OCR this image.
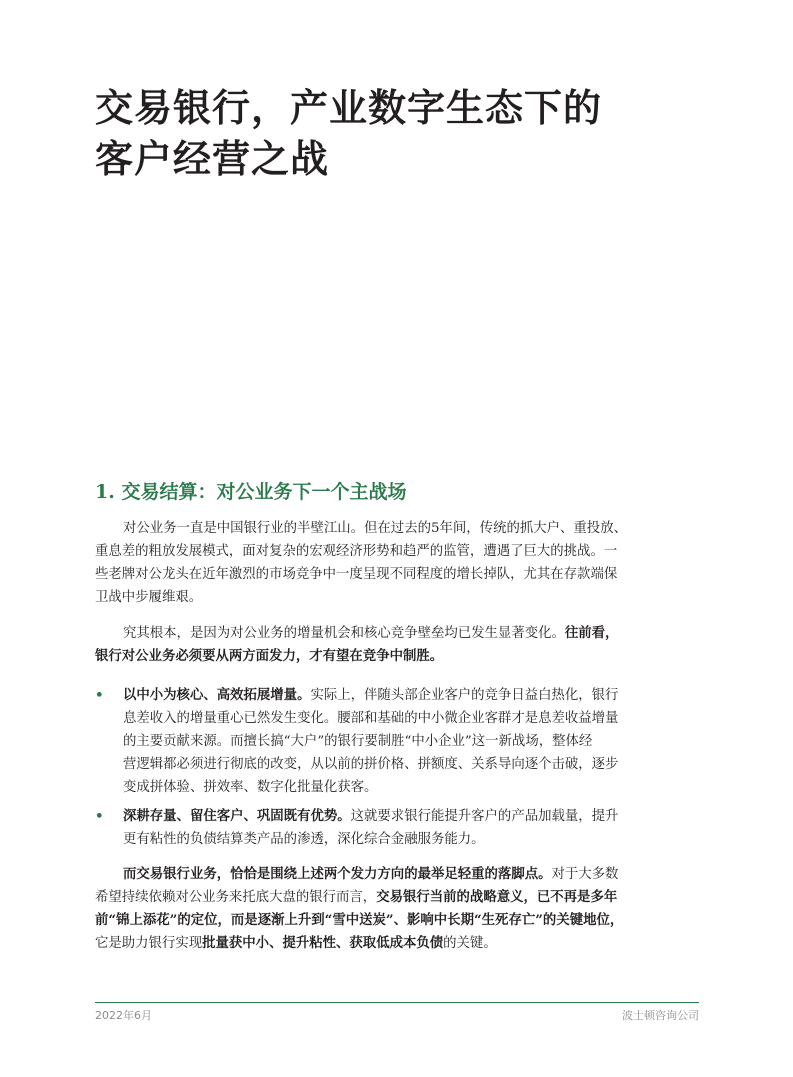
交易银行，产业数字生态下的
客户经营之战
1. 交易结算：对公业务下一个主战场
对公业务一直是中国银行业的半壁江山。但在过去的5年间，传统的抓大户、重投放、
重息差的粗放发展模式，面对复杂的宏观经济形势和趋严的监管，遭遇了巨大的挑战。一
些老牌对公龙头在近年激烈的市场竞争中一度呈现不同程度的增长掉队，尤其在存款端保
卫战中步履维艰。
究其根本，是因为对公业务的增量机会和核心竞争壁垒均已发生显著变化。往前看，
银行对公业务必须要从两方面发力，才有望在竞争中制胜。
• 以中小为核心、高效拓展增量。实际上，伴随头部企业客户的竞争日益白热化，银行
息差收入的增量重心已然发生变化。腰部和基础的中小微企业客群才是息差收益增量
的主要贡献来源。而擅长搞“大户”的银行要制胜“中小企业”这一新战场，整体经
营逻辑都必须进行彻底的改变，从以前的拼价格、拼额度、关系导向逐个击破，逐步
变成拼体验、拼效率、数字化批量化获客。
• 深耕存量、留住客户、巩固既有优势。这就要求银行能提升客户的产品加载量，提升
更有粘性的负债结算类产品的渗透，深化综合金融服务能力。
而交易银行业务，恰恰是围绕上述两个发力方向的最举足轻重的落脚点。对于大多数
希望持续依赖对公业务来托底大盘的银行而言，交易银行当前的战略意义，已不再是多年
前“锦上添花”的定位，而是逐渐上升到“雪中送炭”、影响中长期“生死存亡”的关键地位，
它是助力银行实现批量获中小、提升粘性、获取低成本负债的关键。
2022年6月	波士顿咨询公司
